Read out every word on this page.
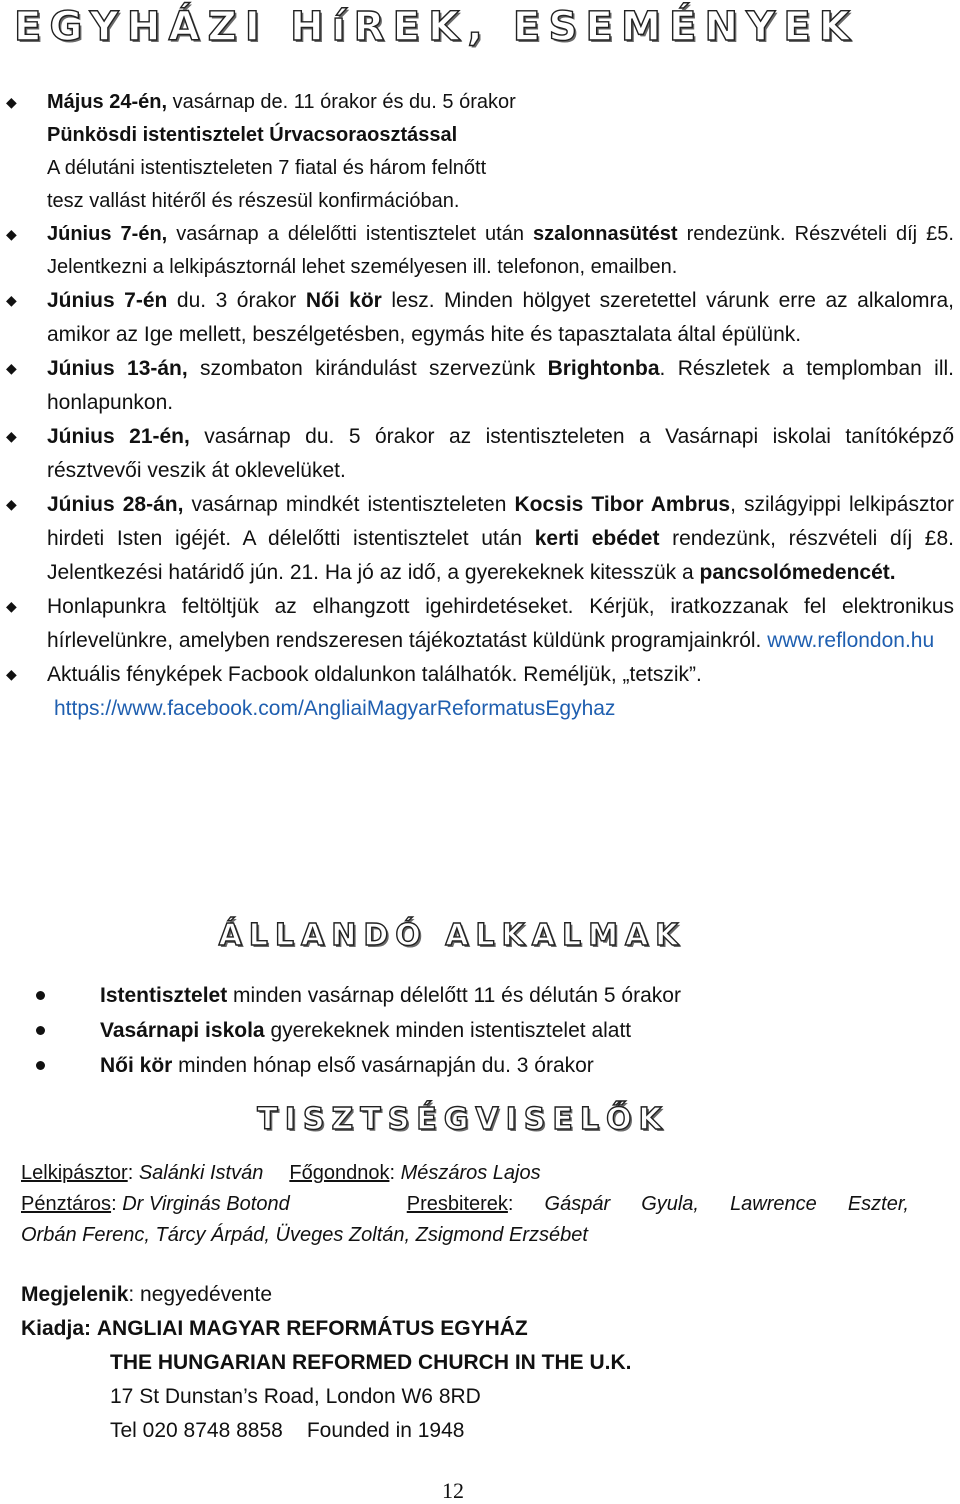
EGYHÁZI HíREK, ESEMÉNYEK
◆ Május 24-én, vasárnap de. 11 órakor és du. 5 órakor
Pünkösdi istentisztelet Úrvacsoraosztással
A délutáni istentiszteleten 7 fiatal és három felnőtt
tesz vallást hitéről és részesül konfirmációban.
◆ Június 7-én, vasárnap a délelőtti istentisztelet után szalonnasütést rendezünk. Részvételi díj £5. Jelentkezni a lelkipásztornál lehet személyesen ill. telefonon, emailben.
◆ Június 7-én du. 3 órakor Női kör lesz. Minden hölgyet szeretettel várunk erre az alkalomra, amikor az Ige mellett, beszélgetésben, egymás hite és tapasztalata által épülünk.
◆ Június 13-án, szombaton kirándulást szervezünk Brightonba. Részletek a templomban ill. honlapunkon.
◆ Június 21-én, vasárnap du. 5 órakor az istentiszteleten a Vasárnapi iskolai tanítóképző résztvevői veszik át oklevelüket.
◆ Június 28-án, vasárnap mindkét istentiszteleten Kocsis Tibor Ambrus, szilágyippi lelkipásztor hirdeti Isten igéjét. A délelőtti istentisztelet után kerti ebédet rendezünk, részvételi díj £8. Jelentkezési határidő jún. 21. Ha jó az idő, a gyerekeknek kitesszük a pancsolómedencét.
◆ Honlapunkra feltöltjük az elhangzott igehirdetéseket. Kérjük, iratkozzanak fel elektronikus hírlevelünkre, amelyben rendszeresen tájékoztatást küldünk programjainkról. www.reflondon.hu
◆ Aktuális fényképek Facbook oldalunkon találhatók. Reméljük, „tetszik”.
https://www.facebook.com/AngliaiMagyarReformatusEgyhaz
ÁLLANDÓ ALKALMAK
Istentisztelet minden vasárnap délelőtt 11 és délután 5 órakor
Vasárnapi iskola gyerekeknek minden istentisztelet alatt
Női kör minden hónap első vasárnapján du. 3 órakor
TISZTSÉGVISELŐK
Lelkipásztor: Salánki István Főgondnok: Mészáros Lajos
Pénztáros: Dr Virginás Botond	Presbiterek: Gáspár Gyula, Lawrence Eszter,
Orbán Ferenc, Tárcy Árpád, Üveges Zoltán, Zsigmond Erzsébet
Megjelenik: negyedévente
Kiadja: ANGLIAI MAGYAR REFORMÁTUS EGYHÁZ
THE HUNGARIAN REFORMED CHURCH IN THE U.K.
17 St Dunstan’s Road, London W6 8RD
Tel 020 8748 8858 Founded in 1948
12
